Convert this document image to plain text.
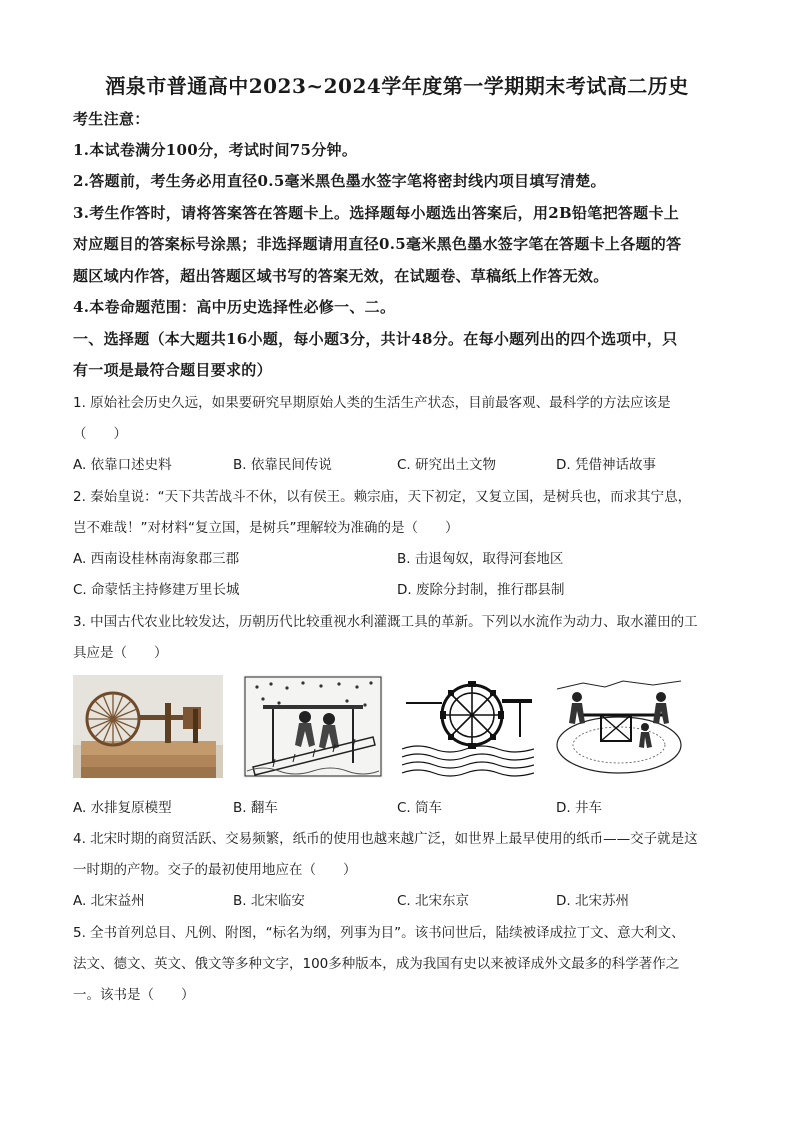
酒泉市普通高中2023~2024学年度第一学期期末考试高二历史
考生注意：
1.本试卷满分100分，考试时间75分钟。
2.答题前，考生务必用直径0.5毫米黑色墨水签字笔将密封线内项目填写清楚。
3.考生作答时，请将答案答在答题卡上。选择题每小题选出答案后，用2B铅笔把答题卡上
对应题目的答案标号涂黑；非选择题请用直径0.5毫米黑色墨水签字笔在答题卡上各题的答
题区域内作答，超出答题区域书写的答案无效，在试题卷、草稿纸上作答无效。
4.本卷命题范围：高中历史选择性必修一、二。
一、选择题（本大题共16小题，每小题3分，共计48分。在每小题列出的四个选项中，只
有一项是最符合题目要求的）
1. 原始社会历史久远，如果要研究早期原始人类的生活生产状态，目前最客观、最科学的方法应该是
（　　）
A. 依靠口述史料	B. 依靠民间传说	C. 研究出土文物	D. 凭借神话故事
2. 秦始皇说：“天下共苦战斗不休，以有侯王。赖宗庙，天下初定，又复立国，是树兵也，而求其宁息，
岂不难哉！”对材料“复立国，是树兵”理解较为准确的是（　　）
A. 西南设桂林南海象郡三郡	B. 击退匈奴，取得河套地区
C. 命蒙恬主持修建万里长城	D. 废除分封制，推行郡县制
3. 中国古代农业比较发达，历朝历代比较重视水利灌溉工具的革新。下列以水流作为动力、取水灌田的工
具应是（　　）
A. 水排复原模型	B. 翻车	C. 筒车	D. 井车
4. 北宋时期的商贸活跃、交易频繁，纸币的使用也越来越广泛，如世界上最早使用的纸币——交子就是这
一时期的产物。交子的最初使用地应在（　　）
A. 北宋益州	B. 北宋临安	C. 北宋东京	D. 北宋苏州
5. 全书首列总目、凡例、附图，“标名为纲，列事为目”。该书问世后，陆续被译成拉丁文、意大利文、
法文、德文、英文、俄文等多种文字，100多种版本，成为我国有史以来被译成外文最多的科学著作之
一。该书是（　　）
